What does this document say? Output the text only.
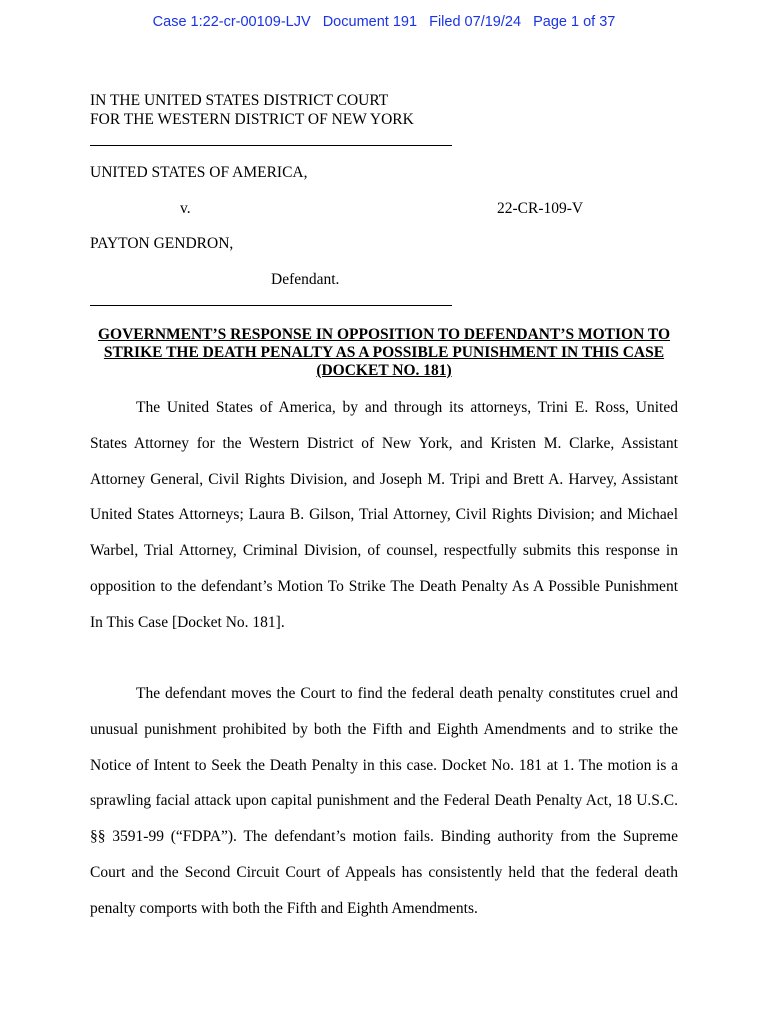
Case 1:22-cr-00109-LJV   Document 191   Filed 07/19/24   Page 1 of 37
IN THE UNITED STATES DISTRICT COURT
FOR THE WESTERN DISTRICT OF NEW YORK
UNITED STATES OF AMERICA,
v.	22-CR-109-V
PAYTON GENDRON,
Defendant.
GOVERNMENT’S RESPONSE IN OPPOSITION TO DEFENDANT’S MOTION TO STRIKE THE DEATH PENALTY AS A POSSIBLE PUNISHMENT IN THIS CASE (DOCKET NO. 181)
The United States of America, by and through its attorneys, Trini E. Ross, United States Attorney for the Western District of New York, and Kristen M. Clarke, Assistant Attorney General, Civil Rights Division, and Joseph M. Tripi and Brett A. Harvey, Assistant United States Attorneys; Laura B. Gilson, Trial Attorney, Civil Rights Division; and Michael Warbel, Trial Attorney, Criminal Division, of counsel, respectfully submits this response in opposition to the defendant’s Motion To Strike The Death Penalty As A Possible Punishment In This Case [Docket No. 181].
The defendant moves the Court to find the federal death penalty constitutes cruel and unusual punishment prohibited by both the Fifth and Eighth Amendments and to strike the Notice of Intent to Seek the Death Penalty in this case. Docket No. 181 at 1. The motion is a sprawling facial attack upon capital punishment and the Federal Death Penalty Act, 18 U.S.C. §§ 3591-99 (“FDPA”). The defendant’s motion fails. Binding authority from the Supreme Court and the Second Circuit Court of Appeals has consistently held that the federal death penalty comports with both the Fifth and Eighth Amendments.
